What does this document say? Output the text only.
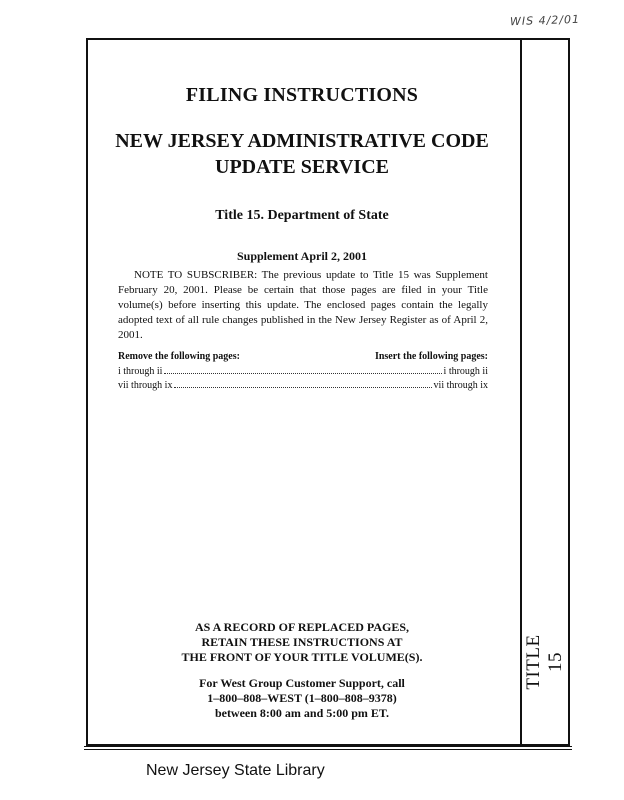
WIS 4/2/01
TITLE 15
FILING INSTRUCTIONS
NEW JERSEY ADMINISTRATIVE CODE
UPDATE SERVICE
Title 15. Department of State
Supplement April 2, 2001
NOTE TO SUBSCRIBER: The previous update to Title 15 was Supplement February 20, 2001. Please be certain that those pages are filed in your Title volume(s) before inserting this update. The enclosed pages contain the legally adopted text of all rule changes published in the New Jersey Register as of April 2, 2001.
Remove the following pages:	Insert the following pages:
i through ii	i through ii
vii through ix	vii through ix
AS A RECORD OF REPLACED PAGES,
RETAIN THESE INSTRUCTIONS AT
THE FRONT OF YOUR TITLE VOLUME(S).
For West Group Customer Support, call
1–800–808–WEST (1–800–808–9378)
between 8:00 am and 5:00 pm ET.
New Jersey State Library
